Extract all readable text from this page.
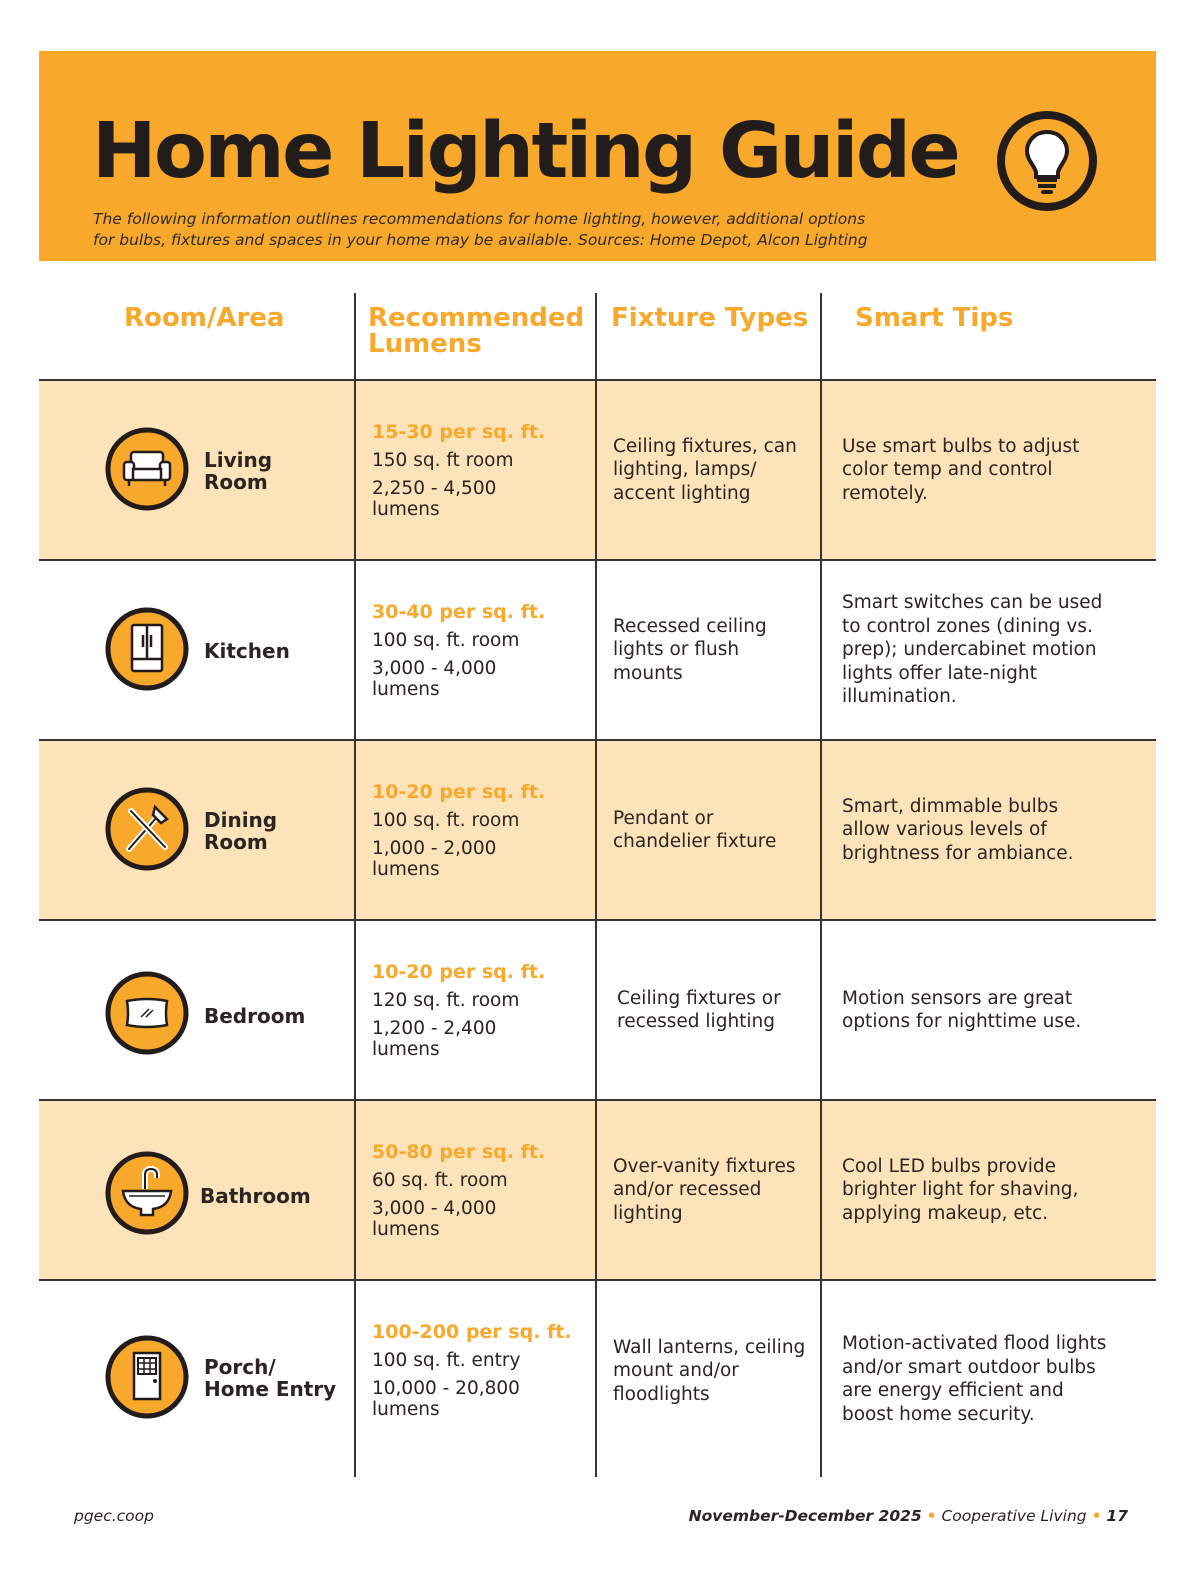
Home Lighting Guide
The following information outlines recommendations for home lighting, however, additional options
for bulbs, fixtures and spaces in your home may be available. Sources: Home Depot, Alcon Lighting
Room/Area	Recommended
Lumens
Fixture Types Smart Tips
Living
Room
15-30 per sq. ft.
150 sq. ft room
2,250 - 4,500
lumens
Ceiling fixtures, can lighting, lamps/ accent lighting
Use smart bulbs to adjust color temp and control remotely.
Kitchen
30-40 per sq. ft.
100 sq. ft. room
3,000 - 4,000
lumens
Recessed ceiling lights or flush mounts
Smart switches can be used to control zones (dining vs. prep); undercabinet motion lights offer late-night illumination.
Dining
Room
10-20 per sq. ft.
100 sq. ft. room
1,000 - 2,000
lumens
Pendant or chandelier fixture
Smart, dimmable bulbs allow various levels of brightness for ambiance.
Bedroom
10-20 per sq. ft.
120 sq. ft. room
1,200 - 2,400
lumens
Ceiling fixtures or recessed lighting
Motion sensors are great options for nighttime use.
Bathroom
50-80 per sq. ft.
60 sq. ft. room
3,000 - 4,000
lumens
Over-vanity fixtures and/or recessed lighting
Cool LED bulbs provide brighter light for shaving, applying makeup, etc.
Porch/
Home Entry
100-200 per sq. ft.
100 sq. ft. entry
10,000 - 20,800
lumens
Wall lanterns, ceiling mount and/or floodlights
Motion-activated flood lights and/or smart outdoor bulbs are energy efficient and boost home security.
pgec.coop	November-December 2025 • Cooperative Living • 17
